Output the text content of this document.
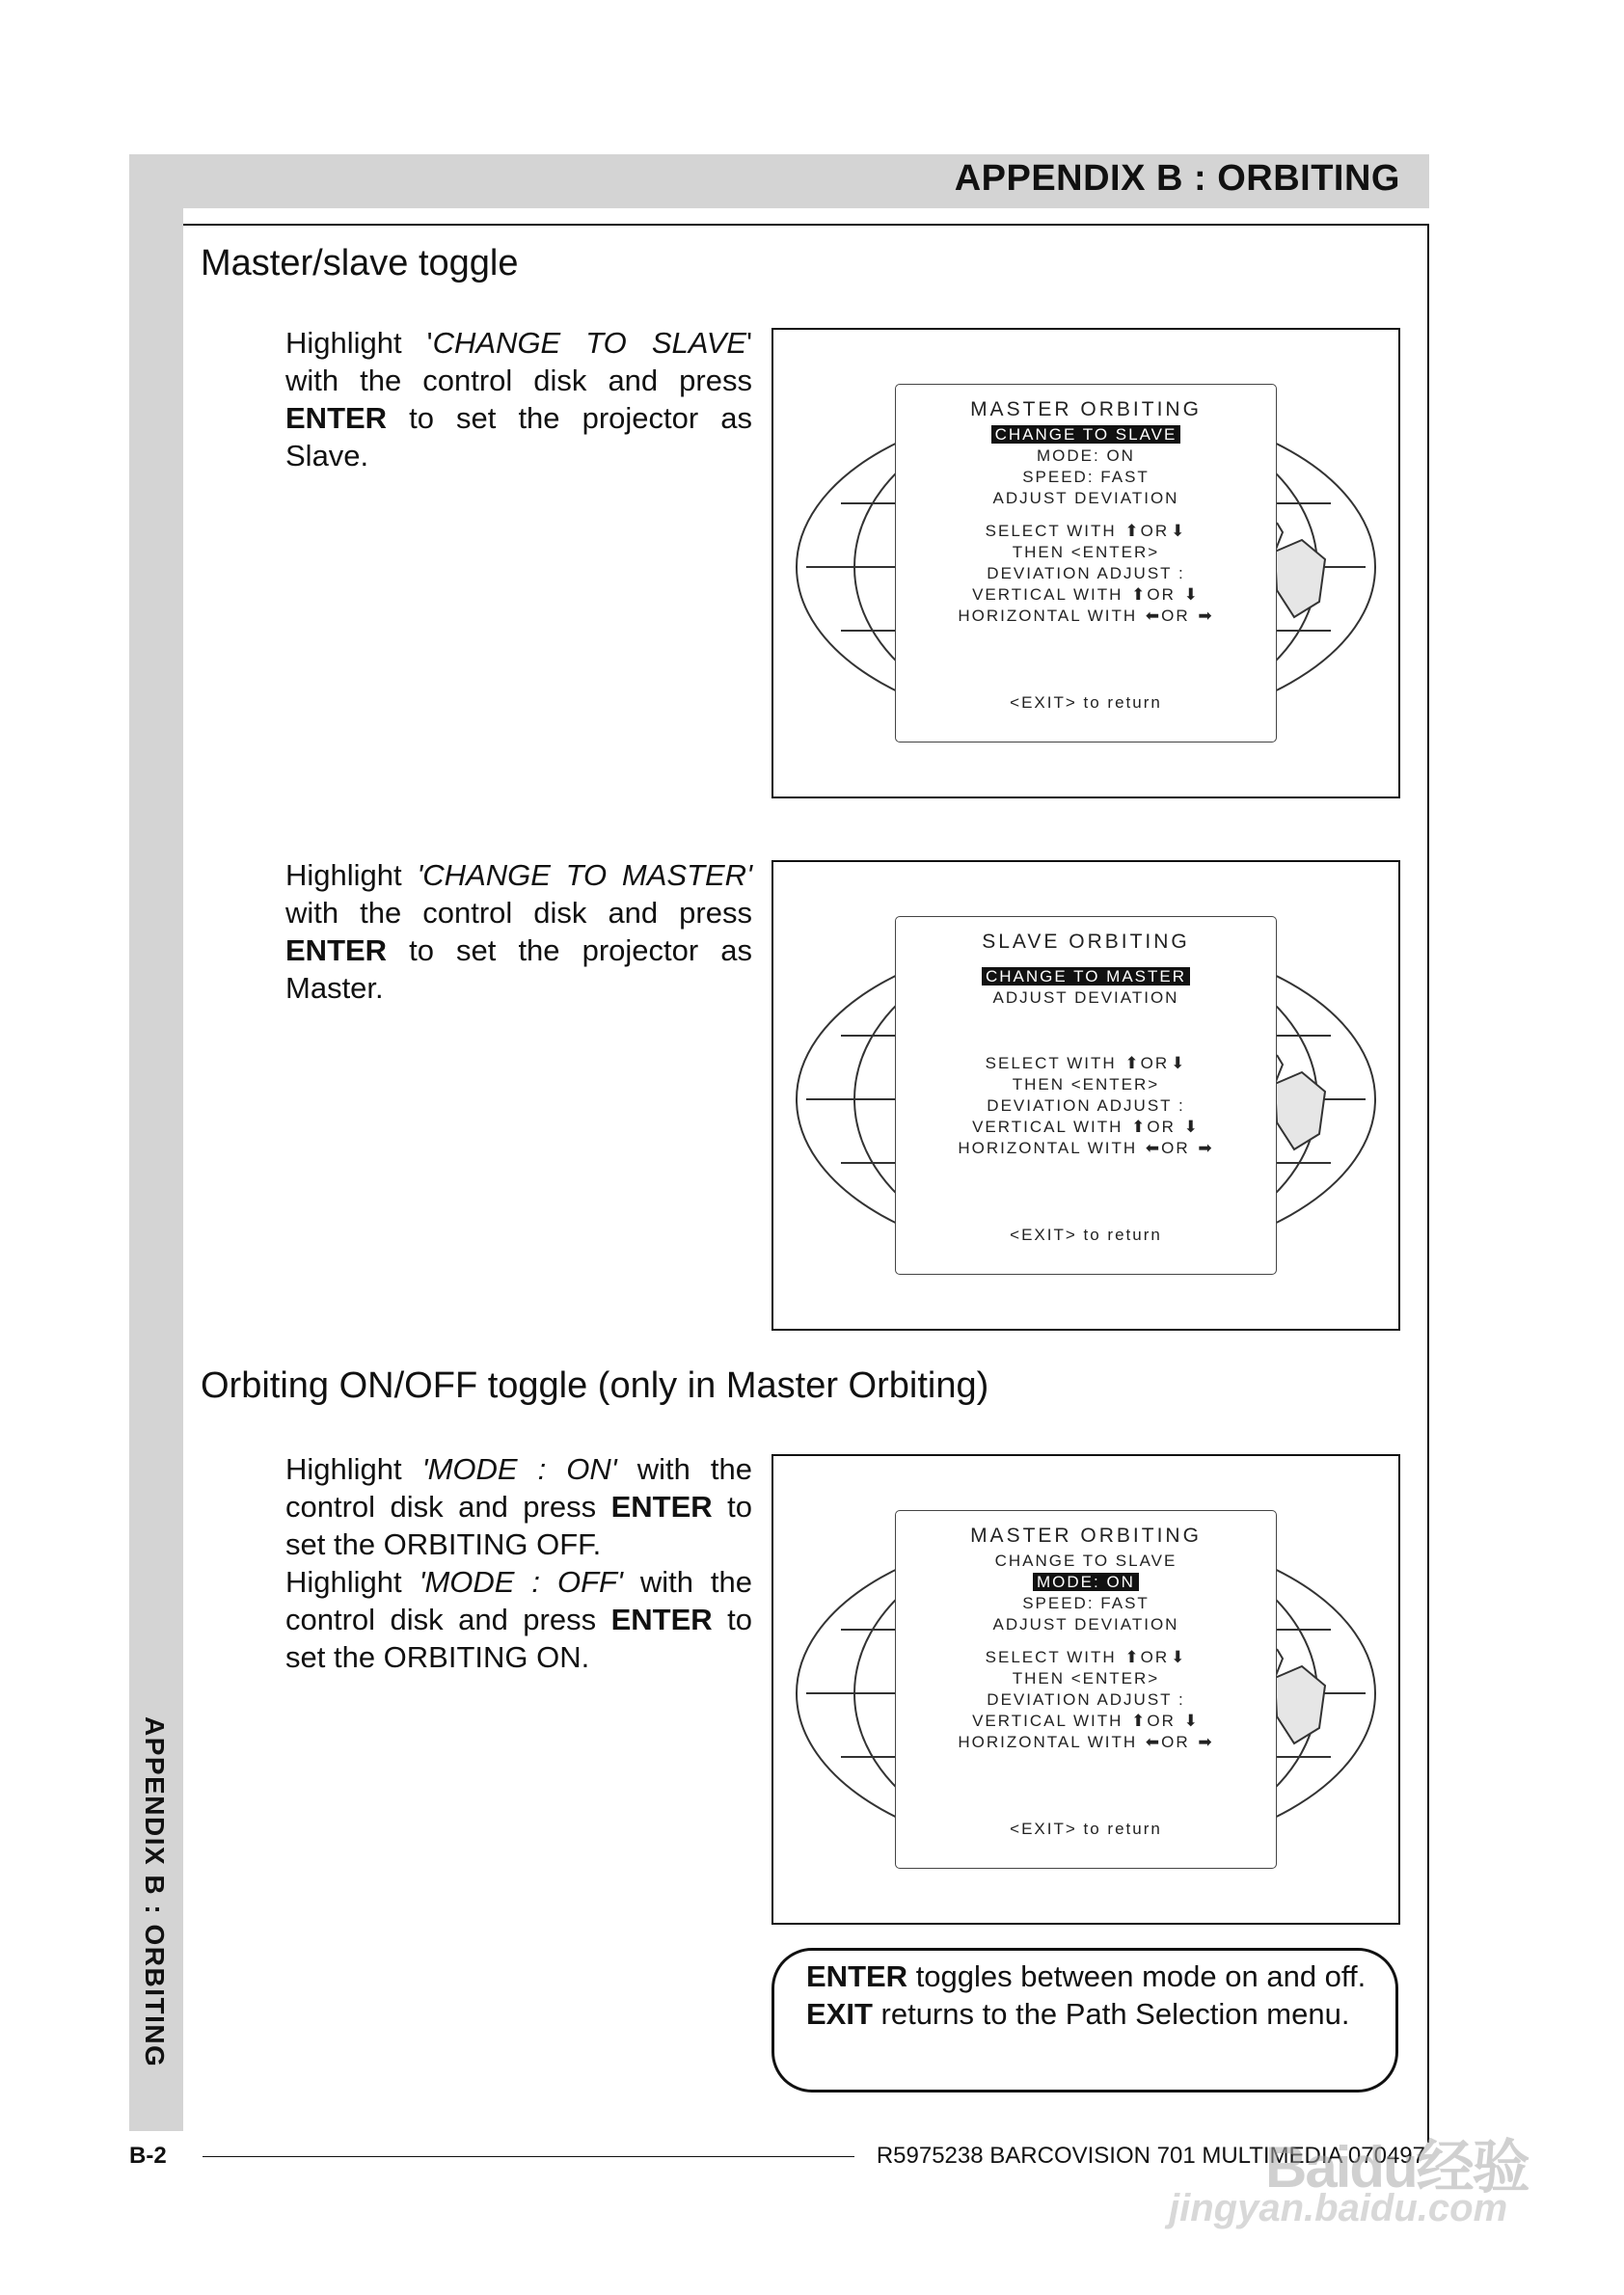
APPENDIX B : ORBITING
Master/slave toggle

Highlight 'CHANGE TO SLAVE' with the control disk and press ENTER to set the projector as Slave.

MASTER ORBITING
CHANGE TO SLAVE
MODE: ON
SPEED: FAST
ADJUST DEVIATION
SELECT WITH ⬆ OR ⬇
THEN <ENTER>
DEVIATION ADJUST :
VERTICAL WITH ⬆ OR ⬇
HORIZONTAL WITH ⬅ OR ➡
<EXIT> to return

Highlight 'CHANGE TO MASTER' with the control disk and press ENTER to set the projector as Master.

SLAVE ORBITING
CHANGE TO MASTER
ADJUST DEVIATION
SELECT WITH ⬆ OR ⬇
THEN <ENTER>
DEVIATION ADJUST :
VERTICAL WITH ⬆ OR ⬇
HORIZONTAL WITH ⬅ OR ➡
<EXIT> to return
Orbiting ON/OFF toggle (only in Master Orbiting)

Highlight 'MODE : ON' with the control disk and press ENTER to set the ORBITING OFF.

Highlight 'MODE : OFF' with the control disk and press ENTER to set the ORBITING ON.

MASTER ORBITING
CHANGE TO SLAVE
MODE: ON
SPEED: FAST
ADJUST DEVIATION
SELECT WITH ⬆ OR ⬇
THEN <ENTER>
DEVIATION ADJUST :
VERTICAL WITH ⬆ OR ⬇
HORIZONTAL WITH ⬅ OR ➡
<EXIT> to return

ENTER toggles between mode on and off.

EXIT returns to the Path Selection menu.

APPENDIX B : ORBITING
B-2	R5975238 BARCOVISION 701 MULTIMEDIA 070497
Baidu经验
jingyan.baidu.com
